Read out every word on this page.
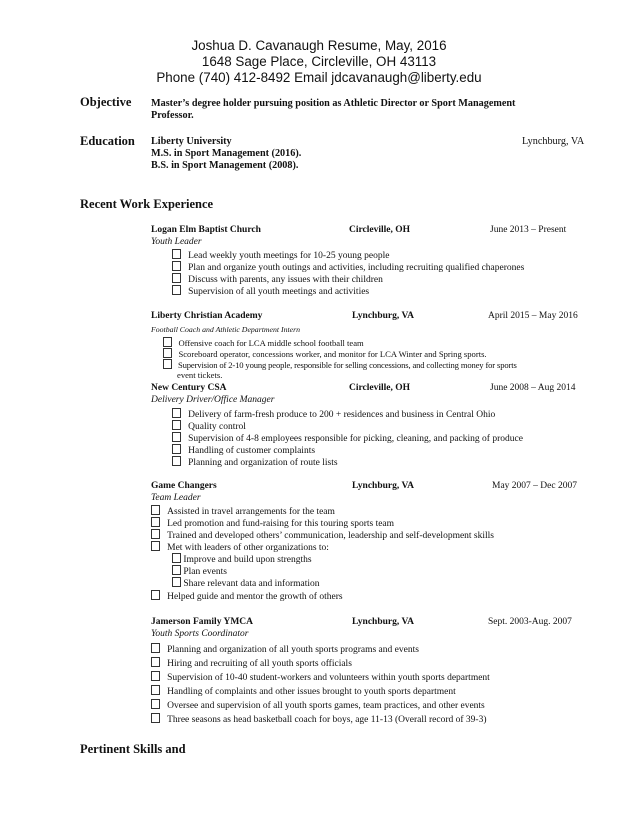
Joshua D. Cavanaugh Resume, May, 2016
1648 Sage Place, Circleville, OH 43113
Phone (740) 412-8492 Email jdcavanaugh@liberty.edu
Objective Master’s degree holder pursuing position as Athletic Director or Sport Management
Professor.
Education Liberty University	Lynchburg, VA
M.S. in Sport Management (2016).
B.S. in Sport Management (2008).
Recent Work Experience
Logan Elm Baptist Church	Circleville, OH	June 2013 – Present
Youth Leader
Lead weekly youth meetings for 10-25 young people
Plan and organize youth outings and activities, including recruiting qualified chaperones
Discuss with parents, any issues with their children
Supervision of all youth meetings and activities
Liberty Christian Academy	Lynchburg, VA	April 2015 – May 2016
Football Coach and Athletic Department Intern
Offensive coach for LCA middle school football team
Scoreboard operator, concessions worker, and monitor for LCA Winter and Spring sports.
Supervision of 2-10 young people, responsible for selling concessions, and collecting money for sports
event tickets.
New Century CSA	Circleville, OH	June 2008 – Aug 2014
Delivery Driver/Office Manager
Delivery of farm-fresh produce to 200 + residences and business in Central Ohio
Quality control
Supervision of 4-8 employees responsible for picking, cleaning, and packing of produce
Handling of customer complaints
Planning and organization of route lists
Game Changers	Lynchburg, VA	May 2007 – Dec 2007
Team Leader
Assisted in travel arrangements for the team
Led promotion and fund-raising for this touring sports team
Trained and developed others’ communication, leadership and self-development skills
Met with leaders of other organizations to:
Improve and build upon strengths
Plan events
Share relevant data and information
Helped guide and mentor the growth of others
Jamerson Family YMCA	Lynchburg, VA	Sept. 2003-Aug. 2007
Youth Sports Coordinator
Planning and organization of all youth sports programs and events
Hiring and recruiting of all youth sports officials
Supervision of 10-40 student-workers and volunteers within youth sports department
Handling of complaints and other issues brought to youth sports department
Oversee and supervision of all youth sports games, team practices, and other events
Three seasons as head basketball coach for boys, age 11-13 (Overall record of 39-3)
Pertinent Skills and
